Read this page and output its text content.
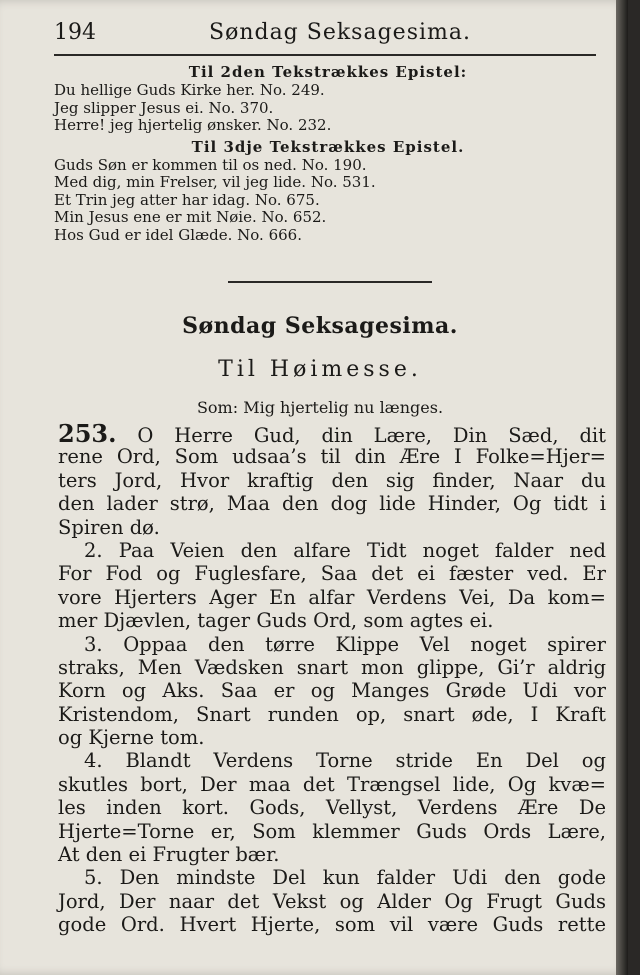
194	Søndag Seksagesima.
Til 2den Tekstrækkes Epistel:
Du hellige Guds Kirke her. No. 249.
Jeg slipper Jesus ei. No. 370.
Herre! jeg hjertelig ønsker. No. 232.
Til 3dje Tekstrækkes Epistel.
Guds Søn er kommen til os ned. No. 190.
Med dig, min Frelser, vil jeg lide. No. 531.
Et Trin jeg atter har idag. No. 675.
Min Jesus ene er mit Nøie. No. 652.
Hos Gud er idel Glæde. No. 666.
Søndag Seksagesima.
Til Høimesse.
Som: Mig hjertelig nu længes.
253. O Herre Gud, din Lære, Din Sæd, dit
rene Ord, Som udsaa’s til din Ære I Folke=Hjer=
ters Jord, Hvor kraftig den sig finder, Naar du
den lader strø, Maa den dog lide Hinder, Og tidt i
Spiren dø.
2. Paa Veien den alfare Tidt noget falder ned
For Fod og Fuglesfare, Saa det ei fæster ved. Er
vore Hjerters Ager En alfar Verdens Vei, Da kom=
mer Djævlen, tager Guds Ord, som agtes ei.
3. Oppaa den tørre Klippe Vel noget spirer
straks, Men Vædsken snart mon glippe, Gi’r aldrig
Korn og Aks. Saa er og Manges Grøde Udi vor
Kristendom, Snart runden op, snart øde, I Kraft
og Kjerne tom.
4. Blandt Verdens Torne stride En Del og
skutles bort, Der maa det Trængsel lide, Og kvæ=
les inden kort. Gods, Vellyst, Verdens Ære De
Hjerte=Torne er, Som klemmer Guds Ords Lære,
At den ei Frugter bær.
5. Den mindste Del kun falder Udi den gode
Jord, Der naar det Vekst og Alder Og Frugt Guds
gode Ord. Hvert Hjerte, som vil være Guds rette
